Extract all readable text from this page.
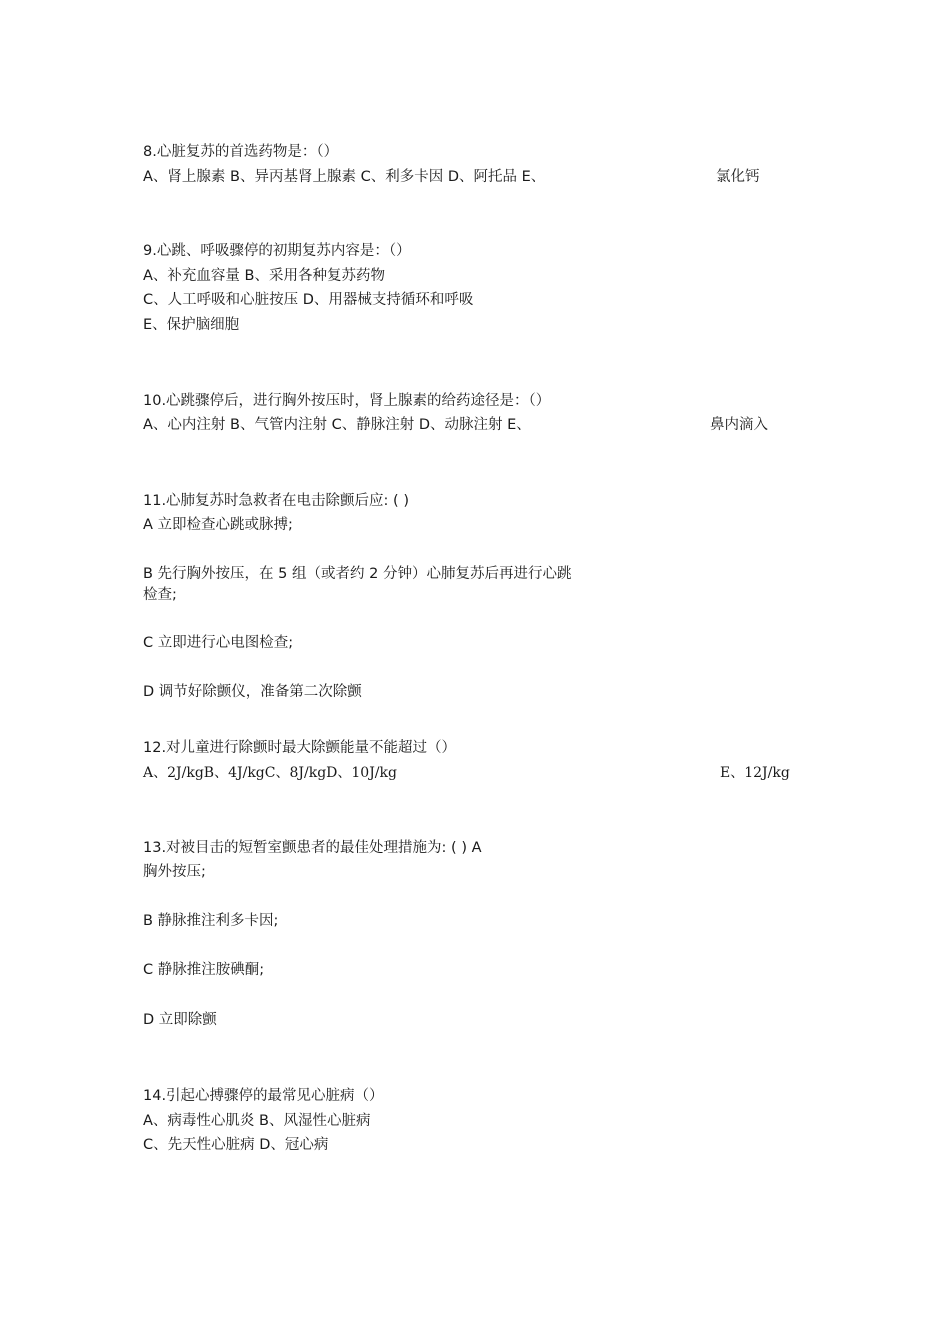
8.心脏复苏的首选药物是：（）
A、肾上腺素 B、异丙基肾上腺素 C、利多卡因 D、阿托品 E、	氯化钙
9.心跳、呼吸骤停的初期复苏内容是：（）
A、补充血容量 B、采用各种复苏药物
C、人工呼吸和心脏按压 D、用器械支持循环和呼吸
E、保护脑细胞
10.心跳骤停后，进行胸外按压时，肾上腺素的给药途径是：（）
A、心内注射 B、气管内注射 C、静脉注射 D、动脉注射 E、	鼻内滴入
11.心肺复苏时急救者在电击除颤后应: ( )
A 立即检查心跳或脉搏;
B 先行胸外按压，在 5 组（或者约 2 分钟）心肺复苏后再进行心跳
检查;
C 立即进行心电图检查;
D 调节好除颤仪，准备第二次除颤
12.对儿童进行除颤时最大除颤能量不能超过（）
A、2J/kgB、4J/kgC、8J/kgD、10J/kg	E、12J/kg
13.对被目击的短暂室颤患者的最佳处理措施为: ( ) A
胸外按压;
B 静脉推注利多卡因;
C 静脉推注胺碘酮;
D 立即除颤
14.引起心搏骤停的最常见心脏病（）
A、病毒性心肌炎 B、风湿性心脏病
C、先天性心脏病 D、冠心病
